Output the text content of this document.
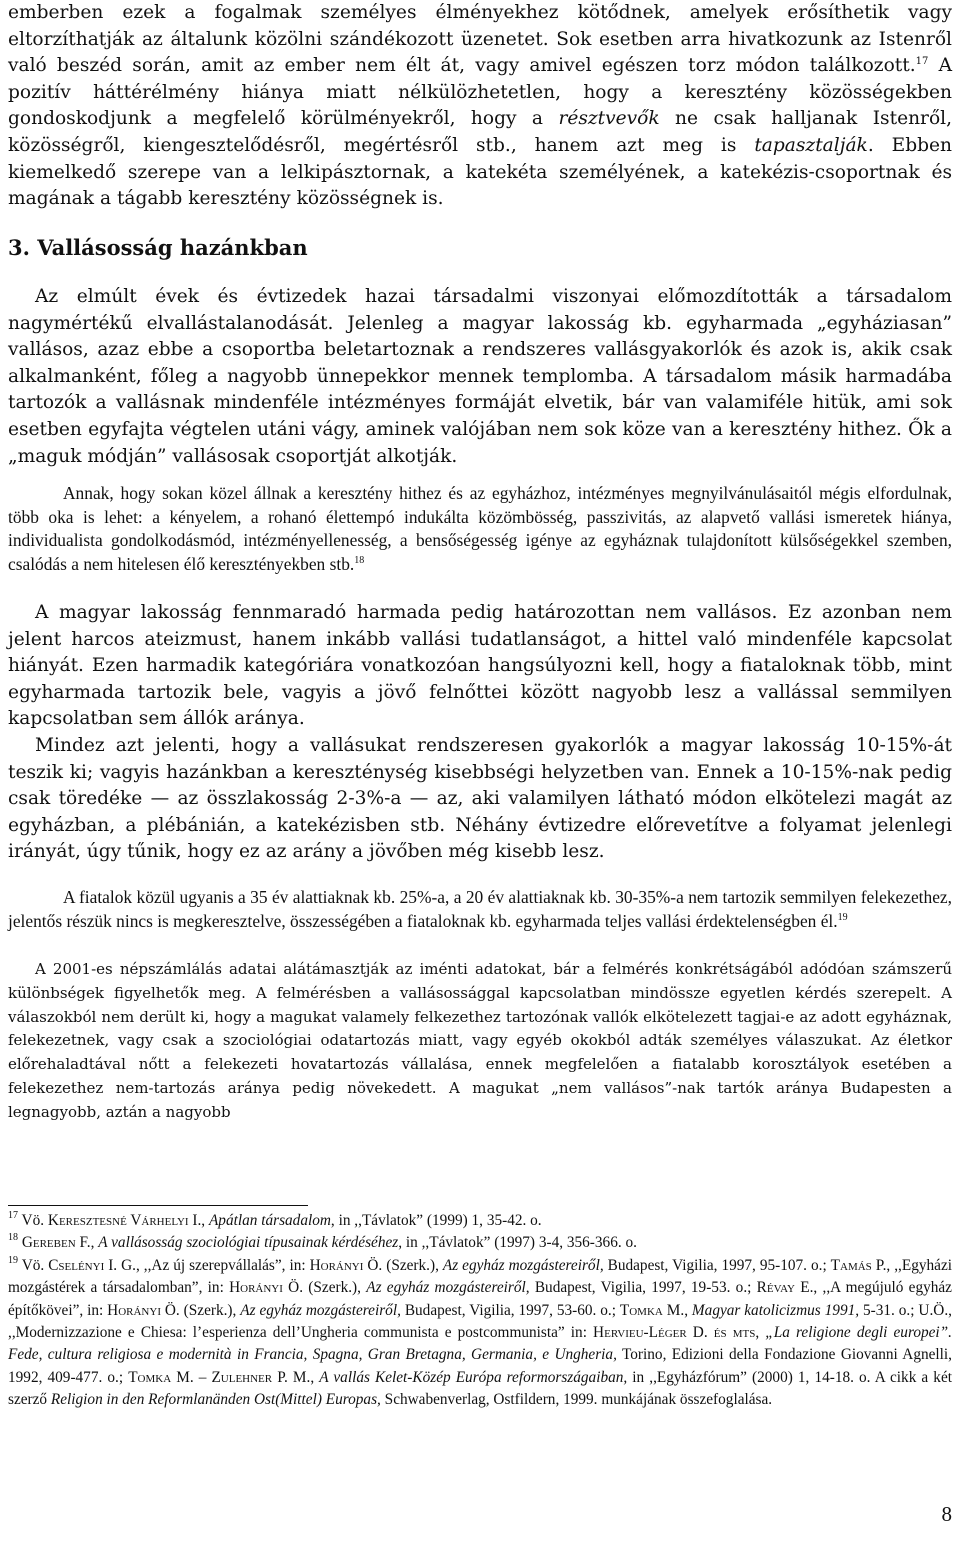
emberben ezek a fogalmak személyes élményekhez kötődnek, amelyek erősíthetik vagy eltorzíthatják az általunk közölni szándékozott üzenetet. Sok esetben arra hivatkozunk az Istenről való beszéd során, amit az ember nem élt át, vagy amivel egészen torz módon találkozott.$^{17}$ A pozitív háttérélmény hiánya miatt nélkülözhetetlen, hogy a keresztény közösségekben gondoskodjunk a megfelelő körülményekről, hogy a résztvevők ne csak halljanak Istenről, közösségről, kiengesztelődésről, megértésről stb., hanem azt meg is tapasztalják. Ebben kiemelkedő szerepe van a lelkipásztornak, a katekéta személyének, a katekézis-csoportnak és magának a tágabb keresztény közösségnek is.

3. Vallásosság hazánkban

Az elmúlt évek és évtizedek hazai társadalmi viszonyai előmozdították a társadalom nagymértékű elvallástalanodását. Jelenleg a magyar lakosság kb. egyharmada „egyháziasan” vallásos, azaz ebbe a csoportba beletartoznak a rendszeres vallásgyakorlók és azok is, akik csak alkalmanként, főleg a nagyobb ünnepekkor mennek templomba. A társadalom másik harmadába tartozók a vallásnak mindenféle intézményes formáját elvetik, bár van valamiféle hitük, ami sok esetben egyfajta végtelen utáni vágy, aminek valójában nem sok köze van a keresztény hithez. Ők a „maguk módján” vallásosak csoportját alkotják.

Annak, hogy sokan közel állnak a keresztény hithez és az egyházhoz, intézményes megnyilvánulásaitól mégis elfordulnak, több oka is lehet: a kényelem, a rohanó élettempó indukálta közömbösség, passzivitás, az alapvető vallási ismeretek hiánya, individualista gondolkodásmód, intézményellenesség, a bensőségesség igénye az egyháznak tulajdonított külsőségekkel szemben, csalódás a nem hitelesen élő keresztényekben stb.$^{18}$

A magyar lakosság fennmaradó harmada pedig határozottan nem vallásos. Ez azonban nem jelent harcos ateizmust, hanem inkább vallási tudatlanságot, a hittel való mindenféle kapcsolat hiányát. Ezen harmadik kategóriára vonatkozóan hangsúlyozni kell, hogy a fiataloknak több, mint egyharmada tartozik bele, vagyis a jövő felnőttei között nagyobb lesz a vallással semmilyen kapcsolatban sem állók aránya.

Mindez azt jelenti, hogy a vallásukat rendszeresen gyakorlók a magyar lakosság 10-15%-át teszik ki; vagyis hazánkban a kereszténység kisebbségi helyzetben van. Ennek a 10-15%-nak pedig csak töredéke — az összlakosság 2-3%-a — az, aki valamilyen látható módon elkötelezi magát az egyházban, a plébánián, a katekézisben stb. Néhány évtizedre előrevetítve a folyamat jelenlegi irányát, úgy tűnik, hogy ez az arány a jövőben még kisebb lesz.

A fiatalok közül ugyanis a 35 év alattiaknak kb. 25%-a, a 20 év alattiaknak kb. 30-35%-a nem tartozik semmilyen felekezethez, jelentős részük nincs is megkeresztelve, összességében a fiataloknak kb. egyharmada teljes vallási érdektelenségben él.$^{19}$

A 2001-es népszámlálás adatai alátámasztják az iménti adatokat, bár a felmérés konkrétságából adódóan számszerű különbségek figyelhetők meg. A felmérésben a vallásossággal kapcsolatban mindössze egyetlen kérdés szerepelt. A válaszokból nem derült ki, hogy a magukat valamely felkezethez tartozónak vallók elkötelezett tagjai-e az adott egyháznak, felekezetnek, vagy csak a szociológiai odatartozás miatt, vagy egyéb okokból adták személyes válaszukat. Az életkor előrehaladtával nőtt a felekezeti hovatartozás vállalása, ennek megfelelően a fiatalabb korosztályok esetében a felekezethez nem-tartozás aránya pedig növekedett. A magukat „nem vallásos”-nak tartók aránya Budapesten a legnagyobb, aztán a nagyobb

$^{17}$ Vö. Keresztesné Várhelyi I., Apátlan társadalom, in ,,Távlatok” (1999) 1, 35-42. o.

$^{18}$ Gereben F., A vallásosság szociológiai típusainak kérdéséhez, in ,,Távlatok” (1997) 3-4, 356-366. o.

$^{19}$ Vö. Cselényi I. G., ,,Az új szerepvállalás”, in: Horányi Ö. (Szerk.), Az egyház mozgástereiről, Budapest, Vigilia, 1997, 95-107. o.; Tamás P., ,,Egyházi mozgástérek a társadalomban”, in: Horányi Ö. (Szerk.), Az egyház mozgástereiről, Budapest, Vigilia, 1997, 19-53. o.; Révay E., ,,A megújuló egyház építőkövei”, in: Horányi Ö. (Szerk.), Az egyház mozgástereiről, Budapest, Vigilia, 1997, 53-60. o.; Tomka M., Magyar katolicizmus 1991, 5-31. o.; U.Ö., ,,Modernizzazione e Chiesa: l’esperienza dell’Ungheria communista e postcommunista” in: Hervieu-Léger D. és mts, „La religione degli europei”. Fede, cultura religiosa e modernità in Francia, Spagna, Gran Bretagna, Germania, e Ungheria, Torino, Edizioni della Fondazione Giovanni Agnelli, 1992, 409-477. o.; Tomka M. – Zulehner P. M., A vallás Kelet-Közép Európa reformországaiban, in ,,Egyházfórum” (2000) 1, 14-18. o. A cikk a két szerző Religion in den Reformlanänden Ost(Mittel) Europas, Schwabenverlag, Ostfildern, 1999. munkájának összefoglalása.

8
